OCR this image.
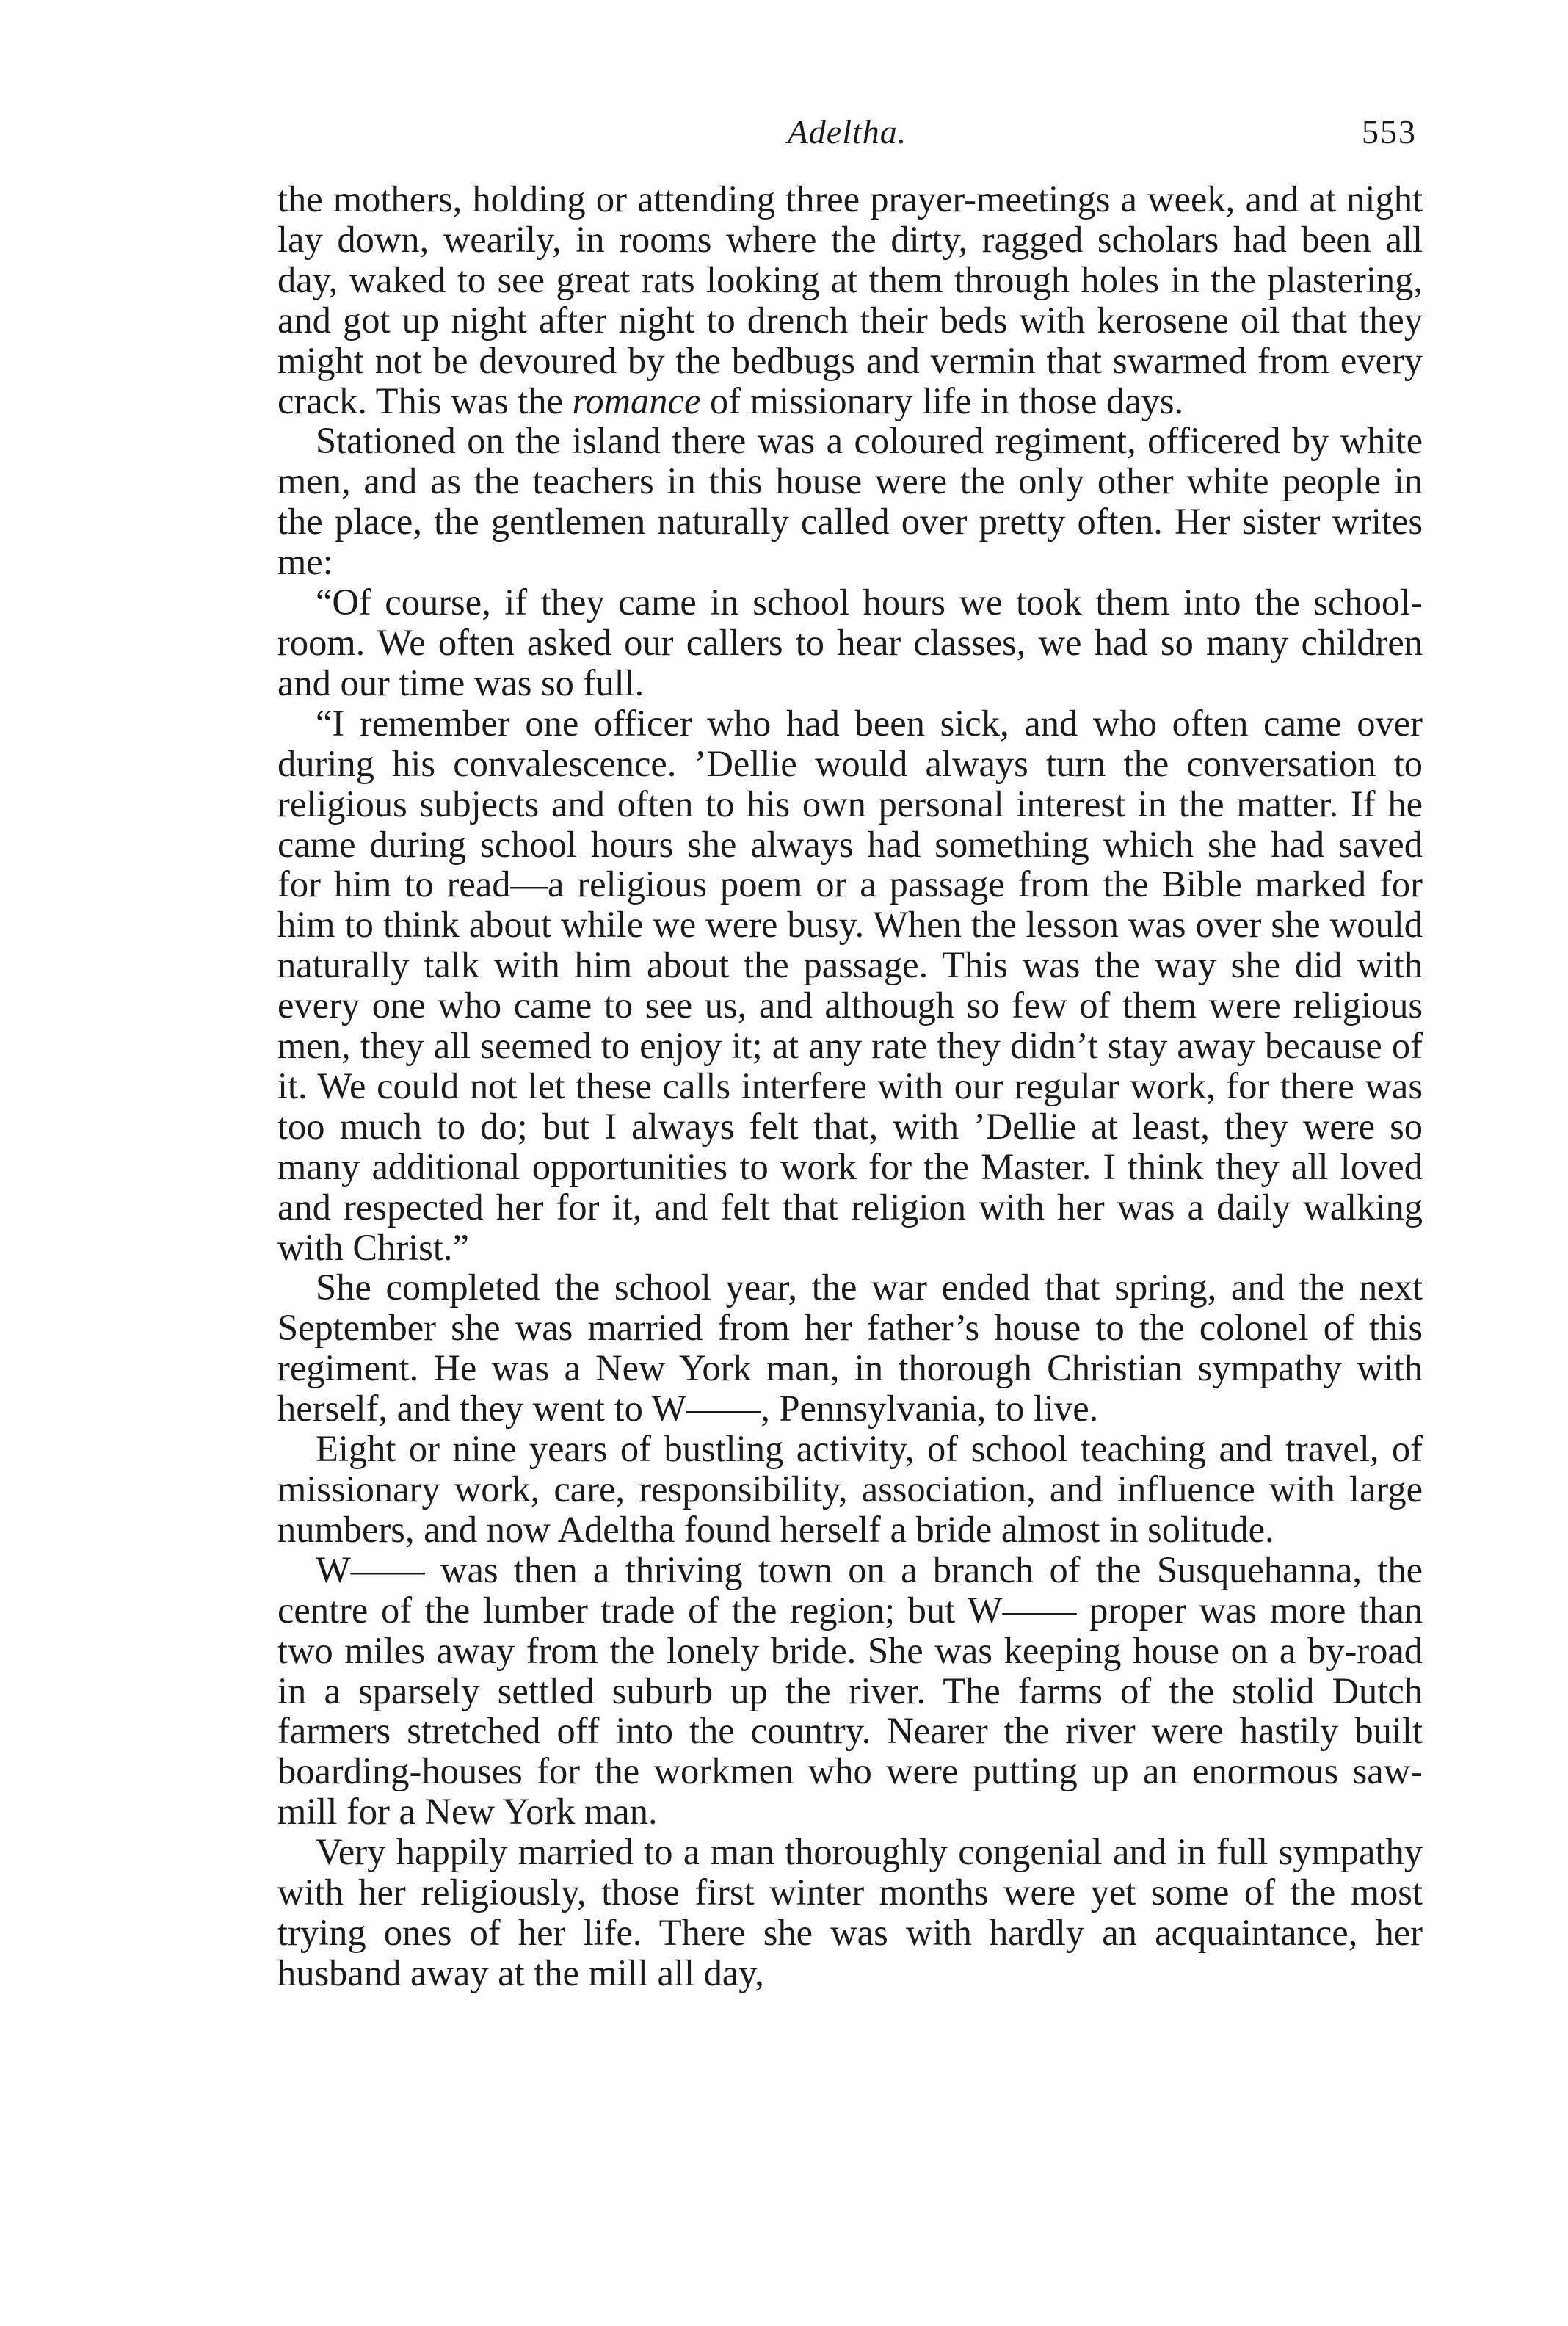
Adeltha.	553

the mothers, holding or attending three prayer-meetings a week, and at night lay down, wearily, in rooms where the dirty, ragged scholars had been all day, waked to see great rats looking at them through holes in the plastering, and got up night after night to drench their beds with kerosene oil that they might not be devoured by the bedbugs and vermin that swarmed from every crack. This was the romance of missionary life in those days.

Stationed on the island there was a coloured regiment, officered by white men, and as the teachers in this house were the only other white people in the place, the gentlemen naturally called over pretty often. Her sister writes me:

“Of course, if they came in school hours we took them into the school-room. We often asked our callers to hear classes, we had so many children and our time was so full.

“I remember one officer who had been sick, and who often came over during his convalescence. ’Dellie would always turn the conversation to religious subjects and often to his own personal interest in the matter. If he came during school hours she always had something which she had saved for him to read—a religious poem or a passage from the Bible marked for him to think about while we were busy. When the lesson was over she would naturally talk with him about the passage. This was the way she did with every one who came to see us, and although so few of them were religious men, they all seemed to enjoy it; at any rate they didn’t stay away because of it. We could not let these calls interfere with our regular work, for there was too much to do; but I always felt that, with ’Dellie at least, they were so many additional opportunities to work for the Master. I think they all loved and respected her for it, and felt that religion with her was a daily walking with Christ.”

She completed the school year, the war ended that spring, and the next September she was married from her father’s house to the colonel of this regiment. He was a New York man, in thorough Christian sympathy with herself, and they went to W——, Pennsylvania, to live.

Eight or nine years of bustling activity, of school teaching and travel, of missionary work, care, responsibility, association, and influence with large numbers, and now Adeltha found herself a bride almost in solitude.

W—— was then a thriving town on a branch of the Susquehanna, the centre of the lumber trade of the region; but W—— proper was more than two miles away from the lonely bride. She was keeping house on a by-road in a sparsely settled suburb up the river. The farms of the stolid Dutch farmers stretched off into the country. Nearer the river were hastily built boarding-houses for the workmen who were putting up an enormous saw-mill for a New York man.

Very happily married to a man thoroughly congenial and in full sympathy with her religiously, those first winter months were yet some of the most trying ones of her life. There she was with hardly an acquaintance, her husband away at the mill all day,
